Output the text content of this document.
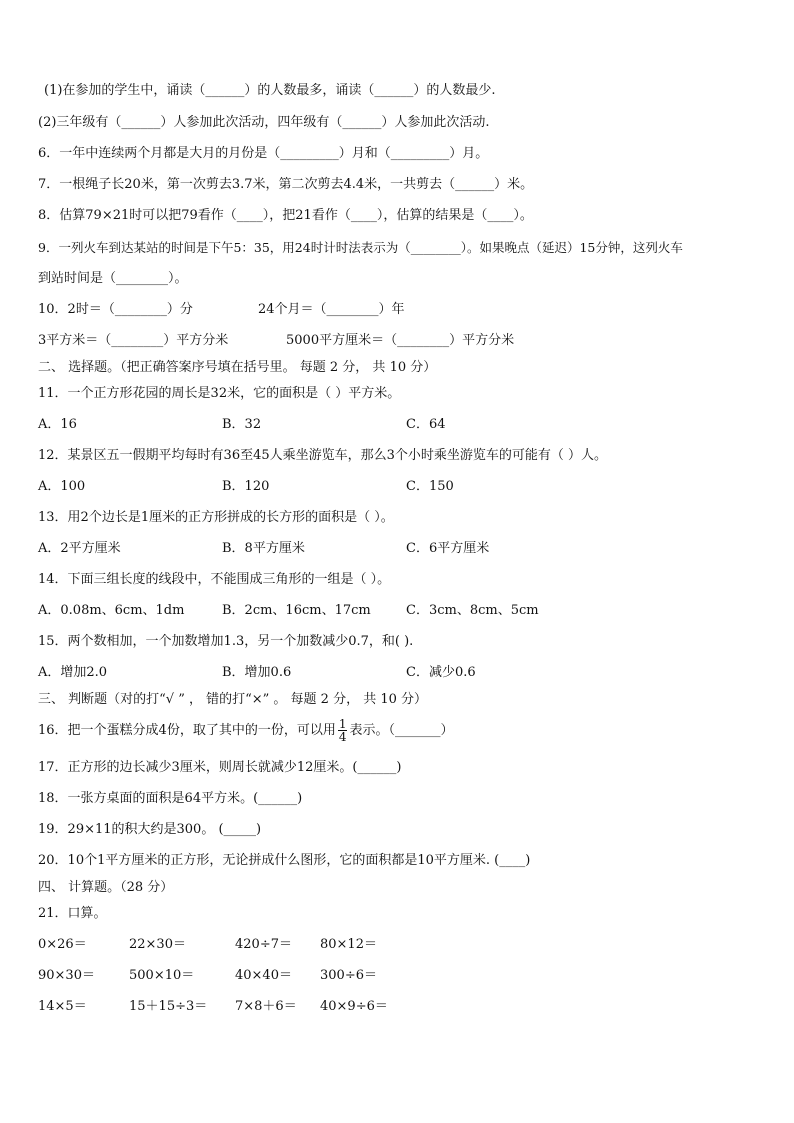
(1)在参加的学生中，诵读（______）的人数最多，诵读（______）的人数最少.
(2)三年级有（______）人参加此次活动，四年级有（______）人参加此次活动.
6．一年中连续两个月都是大月的月份是（_________）月和（_________）月。
7．一根绳子长20米，第一次剪去3.7米，第二次剪去4.4米，一共剪去（______）米。
8．估算79×21时可以把79看作（____），把21看作（____），估算的结果是（____）。
9．一列火车到达某站的时间是下午5：35，用24时计时法表示为（________）。如果晚点（延迟）15分钟，这列火车
到站时间是（________）。
10．2时＝（________）分	24个月＝（________）年
3平方米＝（________）平方分米	5000平方厘米＝（________）平方分米
二、 选择题。（把正确答案序号填在括号里。 每题 2 分， 共 10 分）
11．一个正方形花园的周长是32米，它的面积是（ ）平方米。
A．16	B．32	C．64
12．某景区五一假期平均每时有36至45人乘坐游览车，那么3个小时乘坐游览车的可能有（ ）人。
A．100	B．120	C．150
13．用2个边长是1厘米的正方形拼成的长方形的面积是（ ）。
A．2平方厘米	B．8平方厘米	C．6平方厘米
14．下面三组长度的线段中，不能围成三角形的一组是（ ）。
A．0.08m、6cm、1dm	B．2cm、16cm、17cm	C．3cm、8cm、5cm
15．两个数相加，一个加数增加1.3，另一个加数减少0.7，和( ).
A．增加2.0	B．增加0.6	C．减少0.6
三、 判断题（对的打“√ ” ， 错的打“×” 。 每题 2 分， 共 10 分）
16．把一个蛋糕分成4份，取了其中的一份，可以用 $\frac{1}{4}$ 表示。（_______）
17．正方形的边长减少3厘米，则周长就减少12厘米。(______)
18．一张方桌面的面积是64平方米。(______)
19．29×11的积大约是300。 (_____)
20．10个1平方厘米的正方形，无论拼成什么图形，它的面积都是10平方厘米. (____)
四、 计算题。（28 分）
21．口算。
0×26＝	22×30＝	420÷7＝ 80×12＝
90×30＝	500×10＝	40×40＝ 300÷6＝
14×5＝	15＋15÷3＝ 7×8＋6＝ 40×9÷6＝
